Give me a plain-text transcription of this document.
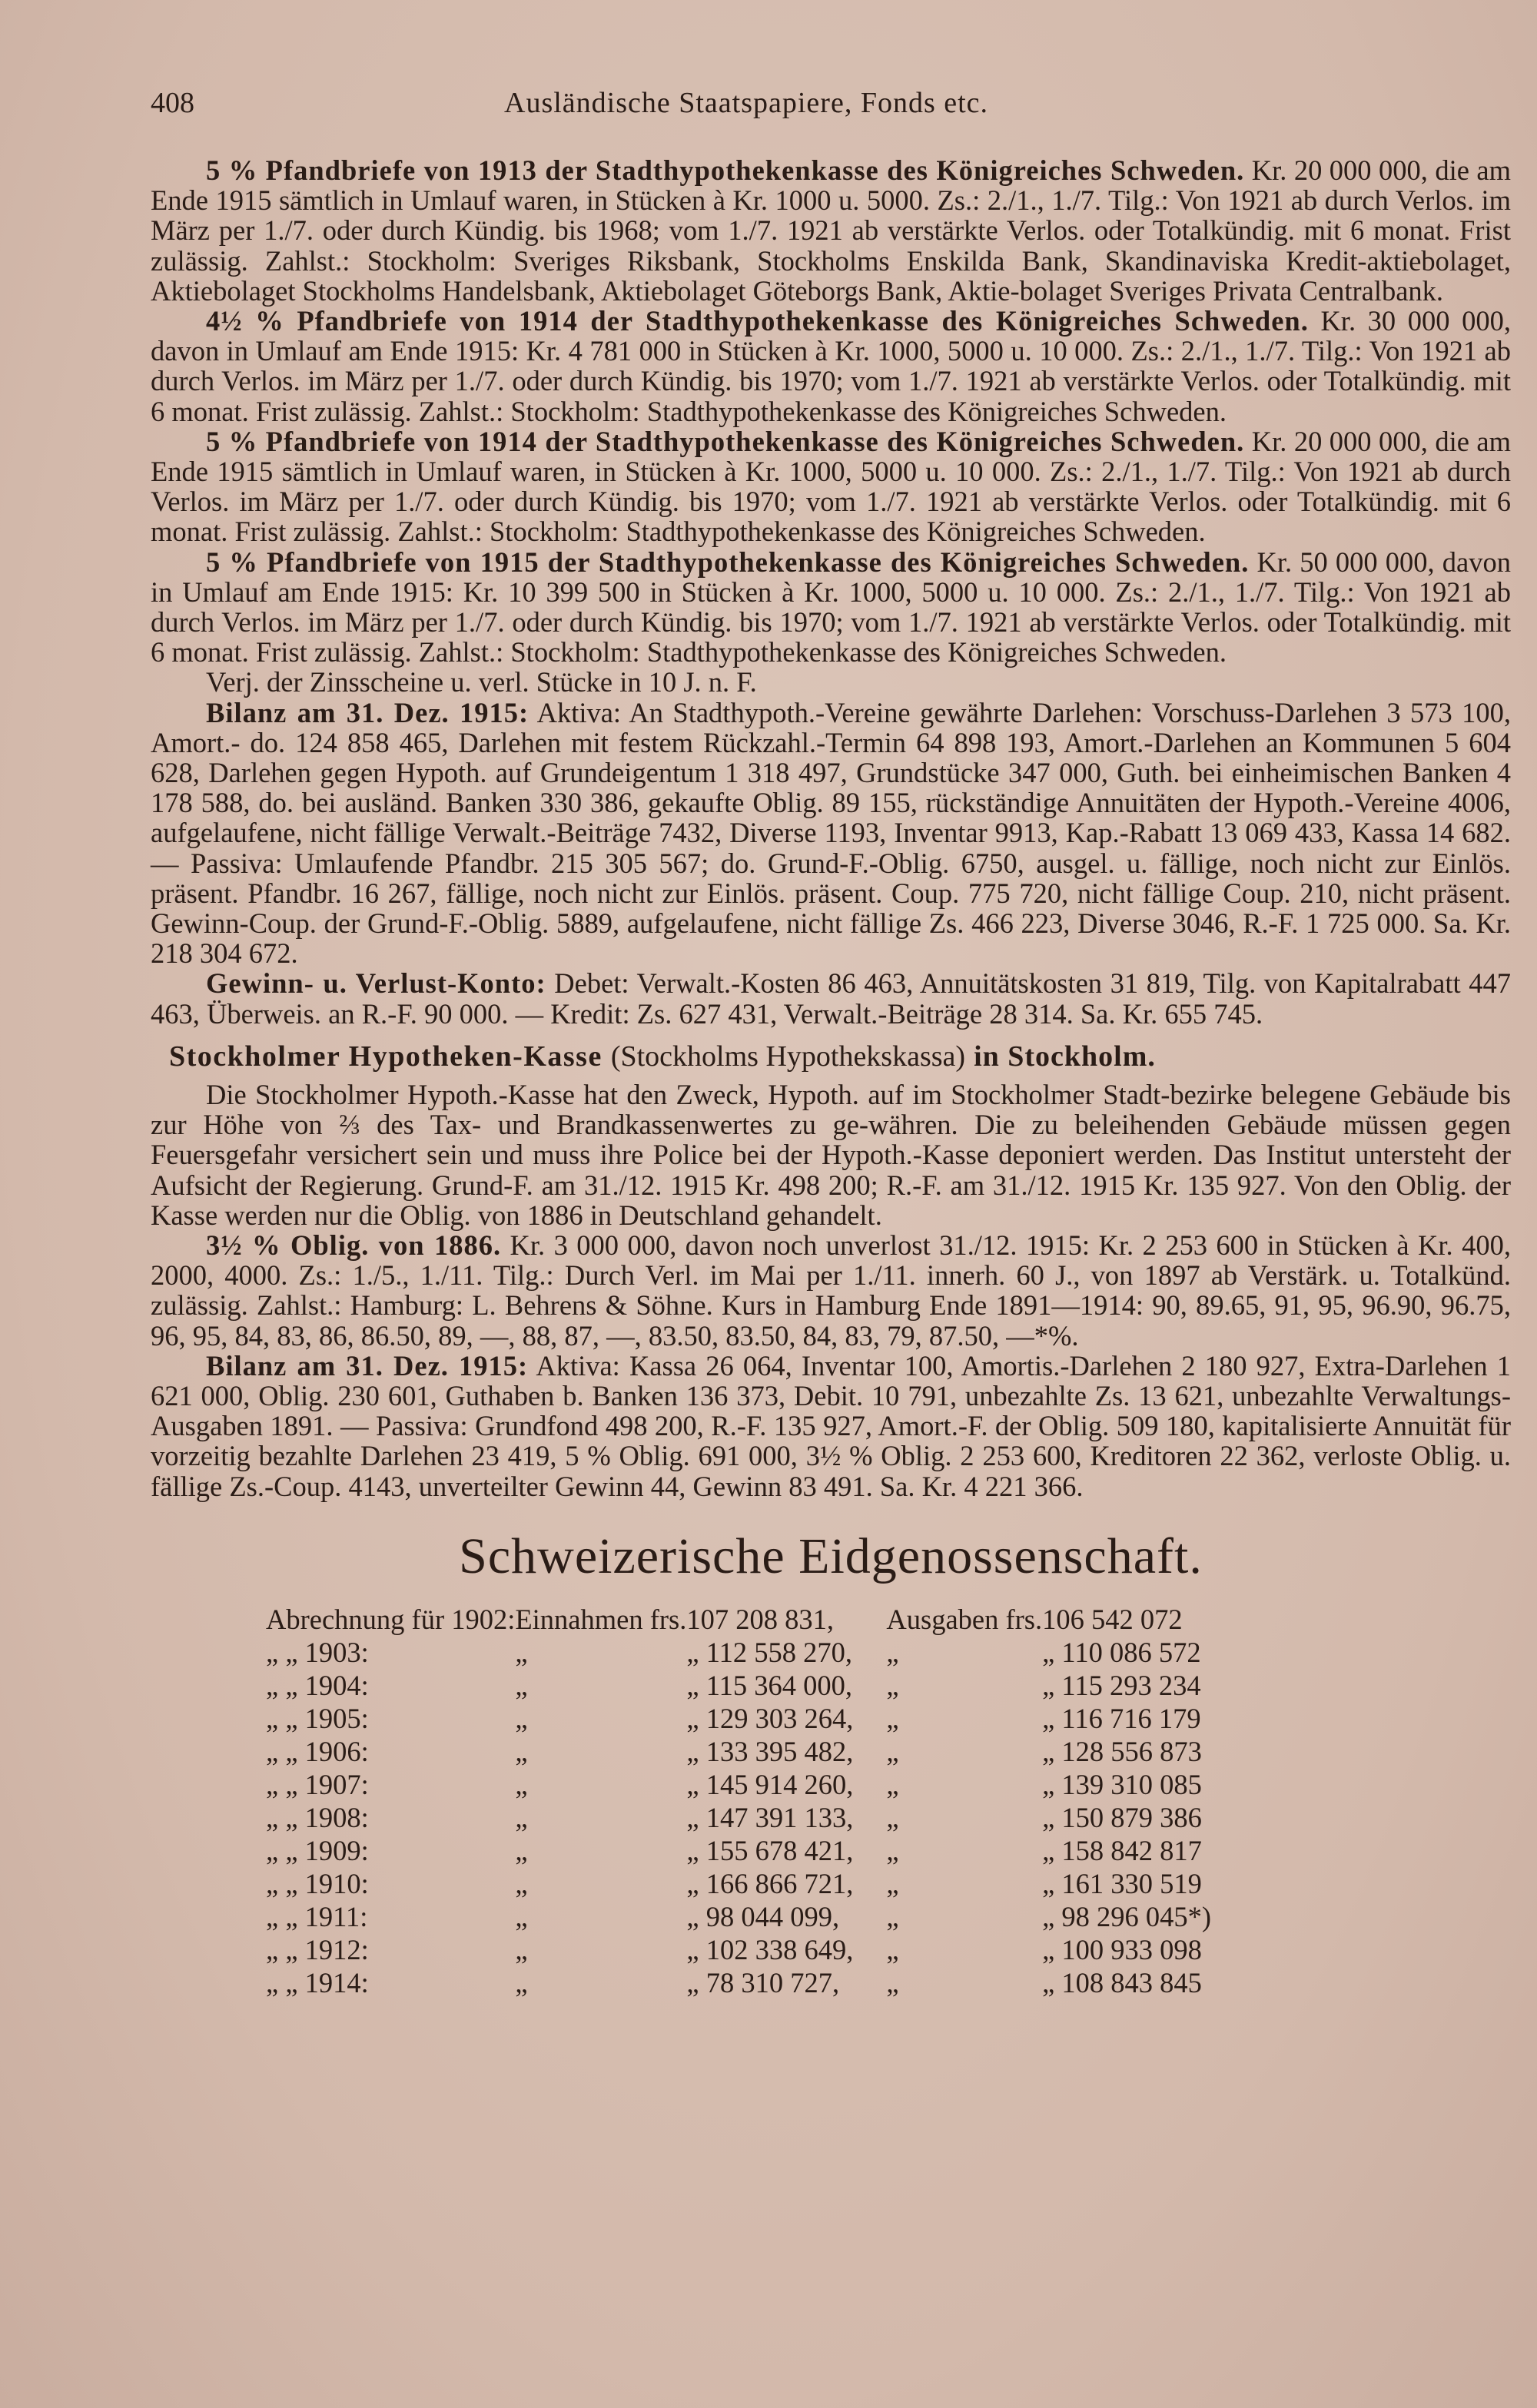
408	Ausländische Staatspapiere, Fonds etc.

5 % Pfandbriefe von 1913 der Stadthypothekenkasse des Königreiches Schweden. Kr. 20 000 000, die am Ende 1915 sämtlich in Umlauf waren, in Stücken à Kr. 1000 u. 5000. Zs.: 2./1., 1./7. Tilg.: Von 1921 ab durch Verlos. im März per 1./7. oder durch Kündig. bis 1968; vom 1./7. 1921 ab verstärkte Verlos. oder Totalkündig. mit 6 monat. Frist zulässig. Zahlst.: Stockholm: Sveriges Riksbank, Stockholms Enskilda Bank, Skandinaviska Kredit-aktiebolaget, Aktiebolaget Stockholms Handelsbank, Aktiebolaget Göteborgs Bank, Aktie-bolaget Sveriges Privata Centralbank.

4½ % Pfandbriefe von 1914 der Stadthypothekenkasse des Königreiches Schweden. Kr. 30 000 000, davon in Umlauf am Ende 1915: Kr. 4 781 000 in Stücken à Kr. 1000, 5000 u. 10 000. Zs.: 2./1., 1./7. Tilg.: Von 1921 ab durch Verlos. im März per 1./7. oder durch Kündig. bis 1970; vom 1./7. 1921 ab verstärkte Verlos. oder Totalkündig. mit 6 monat. Frist zulässig. Zahlst.: Stockholm: Stadthypothekenkasse des Königreiches Schweden.

5 % Pfandbriefe von 1914 der Stadthypothekenkasse des Königreiches Schweden. Kr. 20 000 000, die am Ende 1915 sämtlich in Umlauf waren, in Stücken à Kr. 1000, 5000 u. 10 000. Zs.: 2./1., 1./7. Tilg.: Von 1921 ab durch Verlos. im März per 1./7. oder durch Kündig. bis 1970; vom 1./7. 1921 ab verstärkte Verlos. oder Totalkündig. mit 6 monat. Frist zulässig. Zahlst.: Stockholm: Stadthypothekenkasse des Königreiches Schweden.

5 % Pfandbriefe von 1915 der Stadthypothekenkasse des Königreiches Schweden. Kr. 50 000 000, davon in Umlauf am Ende 1915: Kr. 10 399 500 in Stücken à Kr. 1000, 5000 u. 10 000. Zs.: 2./1., 1./7. Tilg.: Von 1921 ab durch Verlos. im März per 1./7. oder durch Kündig. bis 1970; vom 1./7. 1921 ab verstärkte Verlos. oder Totalkündig. mit 6 monat. Frist zulässig. Zahlst.: Stockholm: Stadthypothekenkasse des Königreiches Schweden.

Verj. der Zinsscheine u. verl. Stücke in 10 J. n. F.

Bilanz am 31. Dez. 1915: Aktiva: An Stadthypoth.-Vereine gewährte Darlehen: Vorschuss-Darlehen 3 573 100, Amort.- do. 124 858 465, Darlehen mit festem Rückzahl.-Termin 64 898 193, Amort.-Darlehen an Kommunen 5 604 628, Darlehen gegen Hypoth. auf Grundeigentum 1 318 497, Grundstücke 347 000, Guth. bei einheimischen Banken 4 178 588, do. bei ausländ. Banken 330 386, gekaufte Oblig. 89 155, rückständige Annuitäten der Hypoth.-Vereine 4006, aufgelaufene, nicht fällige Verwalt.-Beiträge 7432, Diverse 1193, Inventar 9913, Kap.-Rabatt 13 069 433, Kassa 14 682. — Passiva: Umlaufende Pfandbr. 215 305 567; do. Grund-F.-Oblig. 6750, ausgel. u. fällige, noch nicht zur Einlös. präsent. Pfandbr. 16 267, fällige, noch nicht zur Einlös. präsent. Coup. 775 720, nicht fällige Coup. 210, nicht präsent. Gewinn-Coup. der Grund-F.-Oblig. 5889, aufgelaufene, nicht fällige Zs. 466 223, Diverse 3046, R.-F. 1 725 000. Sa. Kr. 218 304 672.

Gewinn- u. Verlust-Konto: Debet: Verwalt.-Kosten 86 463, Annuitätskosten 31 819, Tilg. von Kapitalrabatt 447 463, Überweis. an R.-F. 90 000. — Kredit: Zs. 627 431, Verwalt.-Beiträge 28 314. Sa. Kr. 655 745.

Stockholmer Hypotheken-Kasse (Stockholms Hypothekskassa) in Stockholm.

Die Stockholmer Hypoth.-Kasse hat den Zweck, Hypoth. auf im Stockholmer Stadt-bezirke belegene Gebäude bis zur Höhe von ⅔ des Tax- und Brandkassenwertes zu ge-währen. Die zu beleihenden Gebäude müssen gegen Feuersgefahr versichert sein und muss ihre Police bei der Hypoth.-Kasse deponiert werden. Das Institut untersteht der Aufsicht der Regierung. Grund-F. am 31./12. 1915 Kr. 498 200; R.-F. am 31./12. 1915 Kr. 135 927. Von den Oblig. der Kasse werden nur die Oblig. von 1886 in Deutschland gehandelt.

3½ % Oblig. von 1886. Kr. 3 000 000, davon noch unverlost 31./12. 1915: Kr. 2 253 600 in Stücken à Kr. 400, 2000, 4000. Zs.: 1./5., 1./11. Tilg.: Durch Verl. im Mai per 1./11. innerh. 60 J., von 1897 ab Verstärk. u. Totalkünd. zulässig. Zahlst.: Hamburg: L. Behrens & Söhne. Kurs in Hamburg Ende 1891—1914: 90, 89.65, 91, 95, 96.90, 96.75, 96, 95, 84, 83, 86, 86.50, 89, —, 88, 87, —, 83.50, 83.50, 84, 83, 79, 87.50, —*%.

Bilanz am 31. Dez. 1915: Aktiva: Kassa 26 064, Inventar 100, Amortis.-Darlehen 2 180 927, Extra-Darlehen 1 621 000, Oblig. 230 601, Guthaben b. Banken 136 373, Debit. 10 791, unbezahlte Zs. 13 621, unbezahlte Verwaltungs-Ausgaben 1891. — Passiva: Grundfond 498 200, R.-F. 135 927, Amort.-F. der Oblig. 509 180, kapitalisierte Annuität für vorzeitig bezahlte Darlehen 23 419, 5 % Oblig. 691 000, 3½ % Oblig. 2 253 600, Kreditoren 22 362, verloste Oblig. u. fällige Zs.-Coup. 4143, unverteilter Gewinn 44, Gewinn 83 491. Sa. Kr. 4 221 366.

Schweizerische Eidgenossenschaft.
Abrechnung für 1902:	Einnahmen frs.	107 208 831,	Ausgaben frs.	106 542 072
„ „ 1903:	„	„ 112 558 270,	„	„ 110 086 572
„ „ 1904:	„	„ 115 364 000,	„	„ 115 293 234
„ „ 1905:	„	„ 129 303 264,	„	„ 116 716 179
„ „ 1906:	„	„ 133 395 482,	„	„ 128 556 873
„ „ 1907:	„	„ 145 914 260,	„	„ 139 310 085
„ „ 1908:	„	„ 147 391 133,	„	„ 150 879 386
„ „ 1909:	„	„ 155 678 421,	„	„ 158 842 817
„ „ 1910:	„	„ 166 866 721,	„	„ 161 330 519
„ „ 1911:	„	„ 98 044 099,	„	„ 98 296 045*)
„ „ 1912:	„	„ 102 338 649,	„	„ 100 933 098
„ „ 1914:	„	„ 78 310 727,	„	„ 108 843 845
